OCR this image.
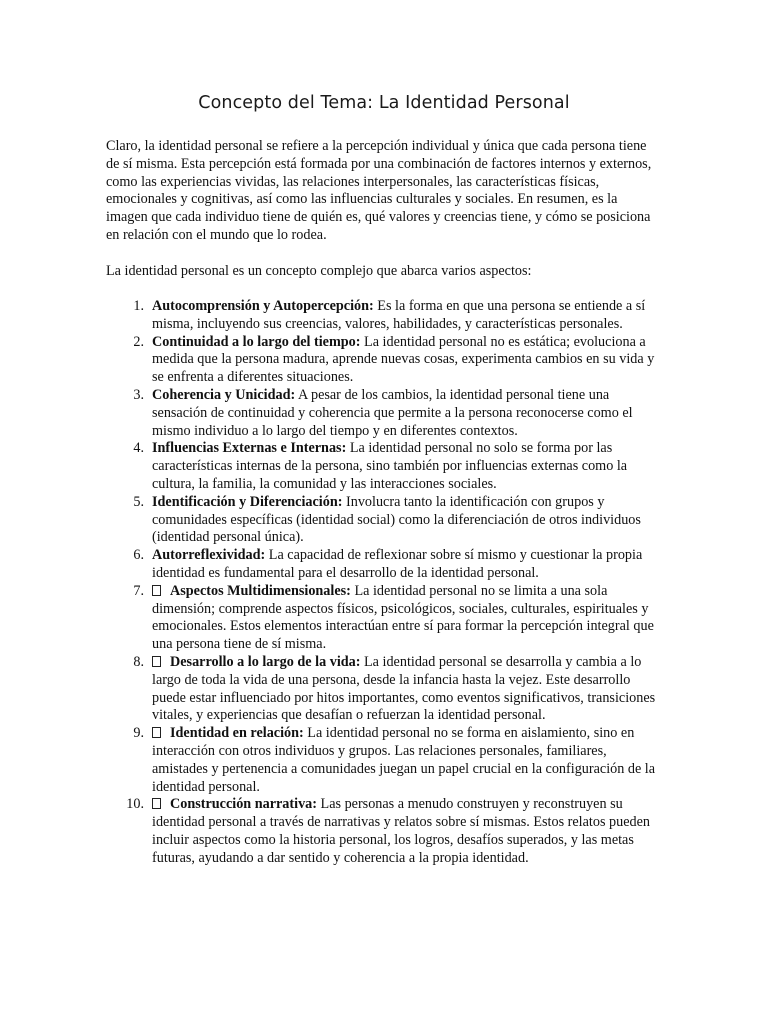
Concepto del Tema: La Identidad Personal

Claro, la identidad personal se refiere a la percepción individual y única que cada persona tiene de sí misma. Esta percepción está formada por una combinación de factores internos y externos, como las experiencias vividas, las relaciones interpersonales, las características físicas, emocionales y cognitivas, así como las influencias culturales y sociales. En resumen, es la imagen que cada individuo tiene de quién es, qué valores y creencias tiene, y cómo se posiciona en relación con el mundo que lo rodea.

La identidad personal es un concepto complejo que abarca varios aspectos:

1. Autocomprensión y Autopercepción: Es la forma en que una persona se entiende a sí misma, incluyendo sus creencias, valores, habilidades, y características personales.
2. Continuidad a lo largo del tiempo: La identidad personal no es estática; evoluciona a medida que la persona madura, aprende nuevas cosas, experimenta cambios en su vida y se enfrenta a diferentes situaciones.
3. Coherencia y Unicidad: A pesar de los cambios, la identidad personal tiene una sensación de continuidad y coherencia que permite a la persona reconocerse como el mismo individuo a lo largo del tiempo y en diferentes contextos.
4. Influencias Externas e Internas: La identidad personal no solo se forma por las características internas de la persona, sino también por influencias externas como la cultura, la familia, la comunidad y las interacciones sociales.
5. Identificación y Diferenciación: Involucra tanto la identificación con grupos y comunidades específicas (identidad social) como la diferenciación de otros individuos (identidad personal única).
6. Autorreflexividad: La capacidad de reflexionar sobre sí mismo y cuestionar la propia identidad es fundamental para el desarrollo de la identidad personal.
7. Aspectos Multidimensionales: La identidad personal no se limita a una sola dimensión; comprende aspectos físicos, psicológicos, sociales, culturales, espirituales y emocionales. Estos elementos interactúan entre sí para formar la percepción integral que una persona tiene de sí misma.
8. Desarrollo a lo largo de la vida: La identidad personal se desarrolla y cambia a lo largo de toda la vida de una persona, desde la infancia hasta la vejez. Este desarrollo puede estar influenciado por hitos importantes, como eventos significativos, transiciones vitales, y experiencias que desafían o refuerzan la identidad personal.
9. Identidad en relación: La identidad personal no se forma en aislamiento, sino en interacción con otros individuos y grupos. Las relaciones personales, familiares, amistades y pertenencia a comunidades juegan un papel crucial en la configuración de la identidad personal.
10. Construcción narrativa: Las personas a menudo construyen y reconstruyen su identidad personal a través de narrativas y relatos sobre sí mismas. Estos relatos pueden incluir aspectos como la historia personal, los logros, desafíos superados, y las metas futuras, ayudando a dar sentido y coherencia a la propia identidad.
